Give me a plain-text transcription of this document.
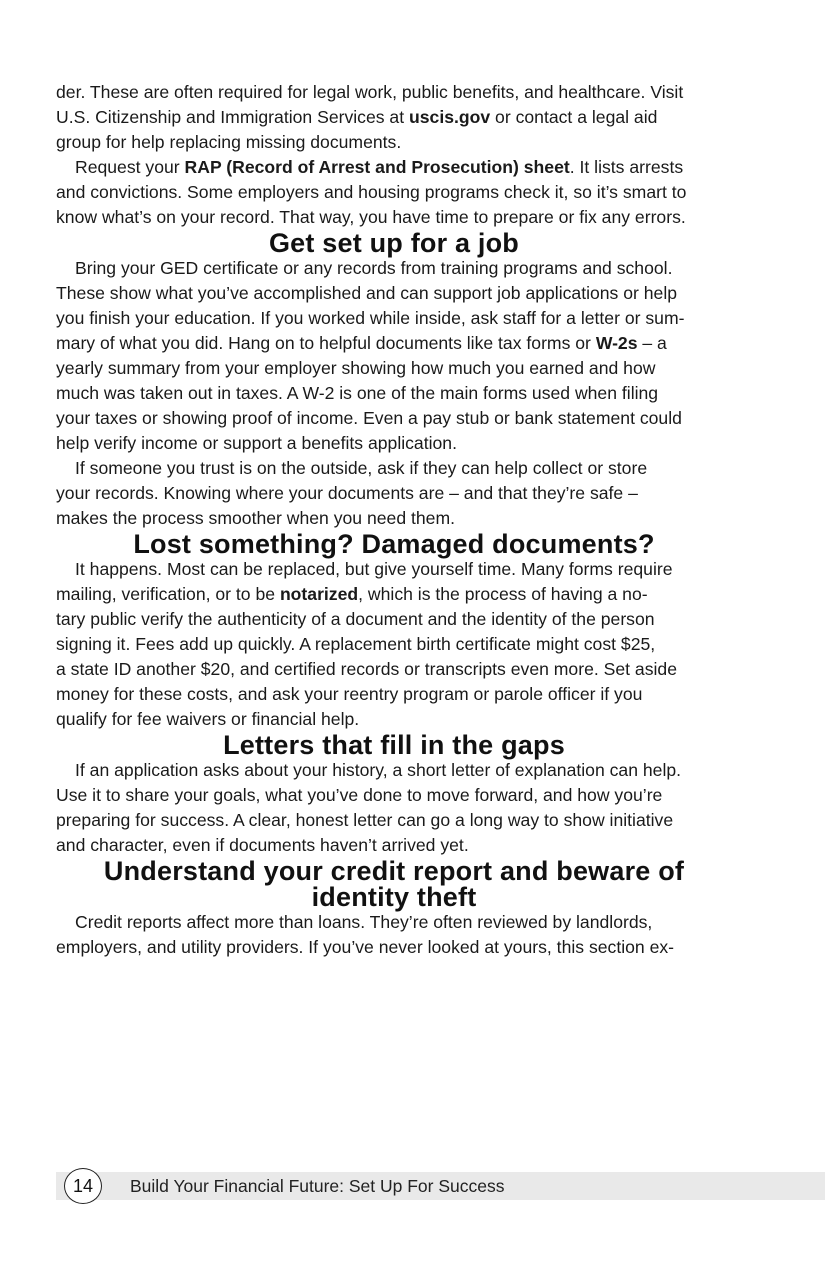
der. These are often required for legal work, public benefits, and healthcare. Visit
U.S. Citizenship and Immigration Services at uscis.gov or contact a legal aid
group for help replacing missing documents.

Request your RAP (Record of Arrest and Prosecution) sheet. It lists arrests
and convictions. Some employers and housing programs check it, so it’s smart to
know what’s on your record. That way, you have time to prepare or fix any errors.

Get set up for a job

Bring your GED certificate or any records from training programs and school.
These show what you’ve accomplished and can support job applications or help
you finish your education. If you worked while inside, ask staff for a letter or sum-
mary of what you did. Hang on to helpful documents like tax forms or W-2s – a
yearly summary from your employer showing how much you earned and how
much was taken out in taxes. A W-2 is one of the main forms used when filing
your taxes or showing proof of income. Even a pay stub or bank statement could
help verify income or support a benefits application.

If someone you trust is on the outside, ask if they can help collect or store
your records. Knowing where your documents are – and that they’re safe –
makes the process smoother when you need them.

Lost something? Damaged documents?

It happens. Most can be replaced, but give yourself time. Many forms require
mailing, verification, or to be notarized, which is the process of having a no-
tary public verify the authenticity of a document and the identity of the person
signing it. Fees add up quickly. A replacement birth certificate might cost $25,
a state ID another $20, and certified records or transcripts even more. Set aside
money for these costs, and ask your reentry program or parole officer if you
qualify for fee waivers or financial help.

Letters that fill in the gaps

If an application asks about your history, a short letter of explanation can help.
Use it to share your goals, what you’ve done to move forward, and how you’re
preparing for success. A clear, honest letter can go a long way to show initiative
and character, even if documents haven’t arrived yet.

Understand your credit report and beware of
identity theft

Credit reports affect more than loans. They’re often reviewed by landlords,
employers, and utility providers. If you’ve never looked at yours, this section ex-

14	Build Your Financial Future: Set Up For Success
